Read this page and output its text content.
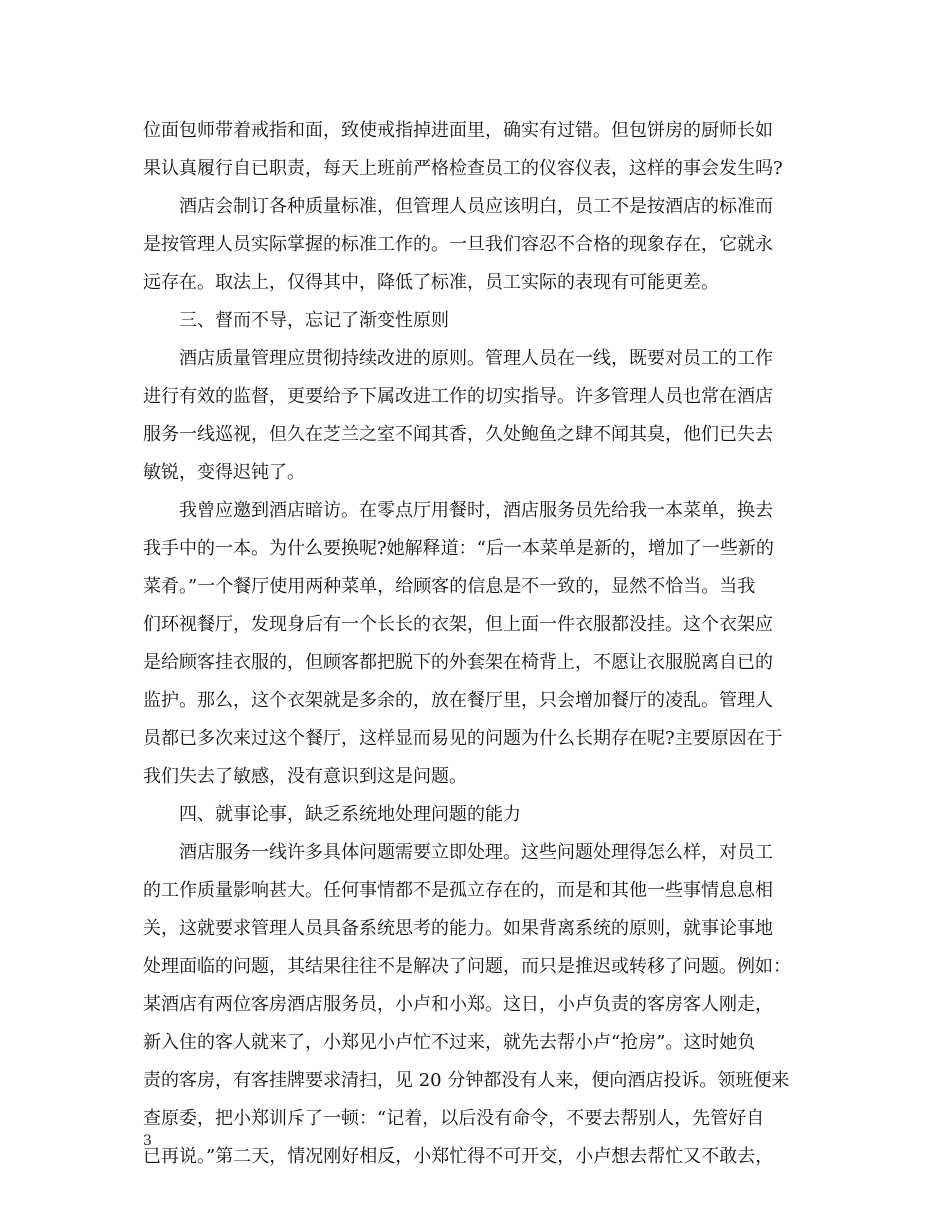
位面包师带着戒指和面，致使戒指掉进面里，确实有过错。但包饼房的厨师长如
果认真履行自已职责，每天上班前严格检查员工的仪容仪表，这样的事会发生吗?
酒店会制订各种质量标准，但管理人员应该明白，员工不是按酒店的标准而
是按管理人员实际掌握的标准工作的。一旦我们容忍不合格的现象存在，它就永
远存在。取法上，仅得其中，降低了标准，员工实际的表现有可能更差。
三、督而不导，忘记了渐变性原则
酒店质量管理应贯彻持续改进的原则。管理人员在一线，既要对员工的工作
进行有效的监督，更要给予下属改进工作的切实指导。许多管理人员也常在酒店
服务一线巡视，但久在芝兰之室不闻其香，久处鲍鱼之肆不闻其臭，他们已失去
敏锐，变得迟钝了。
我曾应邀到酒店暗访。在零点厅用餐时，酒店服务员先给我一本菜单，换去
我手中的一本。为什么要换呢?她解释道：“后一本菜单是新的，增加了一些新的
菜肴。”一个餐厅使用两种菜单，给顾客的信息是不一致的，显然不恰当。当我
们环视餐厅，发现身后有一个长长的衣架，但上面一件衣服都没挂。这个衣架应
是给顾客挂衣服的，但顾客都把脱下的外套架在椅背上，不愿让衣服脱离自已的
监护。那么，这个衣架就是多余的，放在餐厅里，只会增加餐厅的凌乱。管理人
员都已多次来过这个餐厅，这样显而易见的问题为什么长期存在呢?主要原因在于
我们失去了敏感，没有意识到这是问题。
四、就事论事，缺乏系统地处理问题的能力
酒店服务一线许多具体问题需要立即处理。这些问题处理得怎么样，对员工
的工作质量影响甚大。任何事情都不是孤立存在的，而是和其他一些事情息息相
关，这就要求管理人员具备系统思考的能力。如果背离系统的原则，就事论事地
处理面临的问题，其结果往往不是解决了问题，而只是推迟或转移了问题。例如：
某酒店有两位客房酒店服务员，小卢和小郑。这日，小卢负责的客房客人刚走，
新入住的客人就来了，小郑见小卢忙不过来，就先去帮小卢“抢房”。这时她负
责的客房，有客挂牌要求清扫，见 20 分钟都没有人来，便向酒店投诉。领班便来
查原委，把小郑训斥了一顿：“记着，以后没有命令，不要去帮别人，先管好自
已再说。”第二天，情况刚好相反，小郑忙得不可开交，小卢想去帮忙又不敢去，
3
